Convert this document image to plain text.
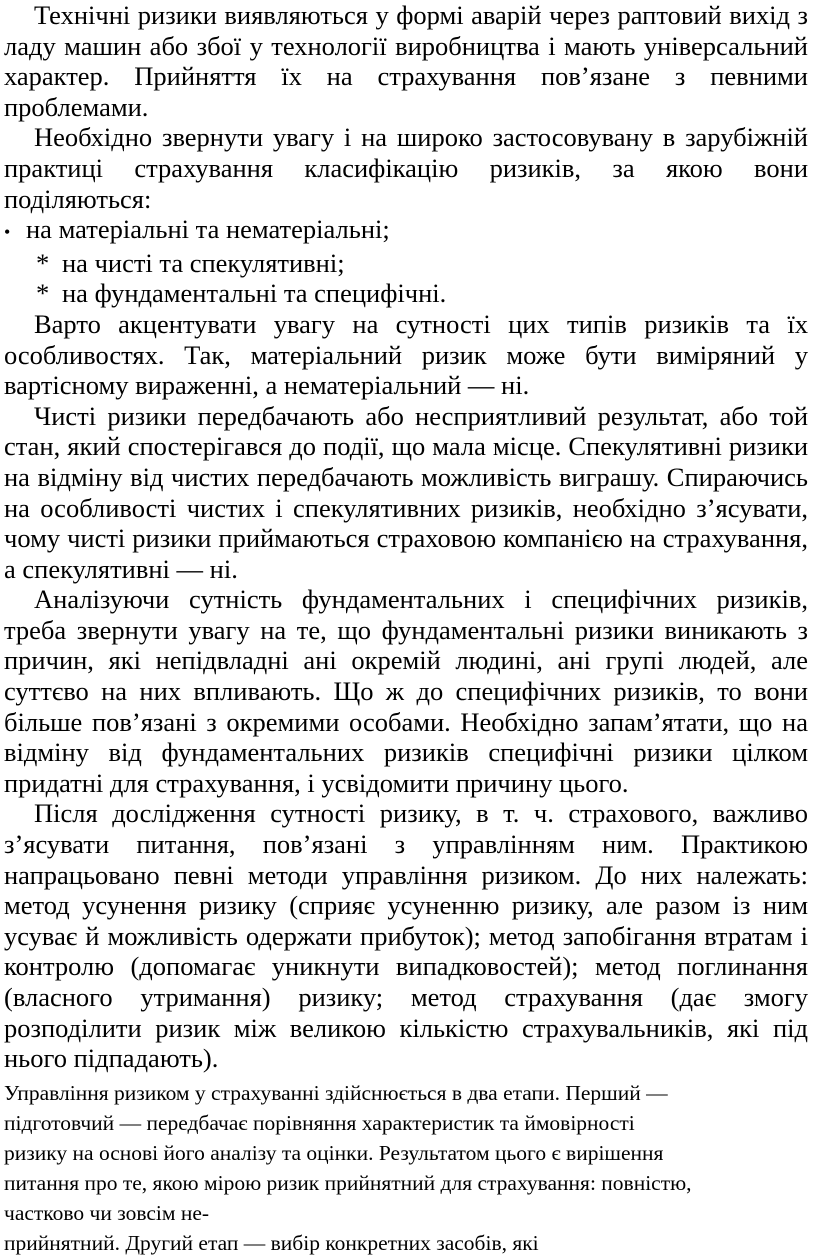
Технічні ризики виявляються у формі аварій через раптовий вихід з ладу машин або збої у технології виробництва і мають універсальний характер. Прийняття їх на страхування пов’язане з певними проблемами.

Необхідно звернути увагу і на широко застосовувану в зарубіжній практиці страхування класифікацію ризиків, за якою вони поділяються:

• на матеріальні та нематеріальні;
* на чисті та спекулятивні;
* на фундаментальні та специфічні.

Варто акцентувати увагу на сутності цих типів ризиків та їх особливостях. Так, матеріальний ризик може бути виміряний у вартісному вираженні, а нематеріальний — ні.

Чисті ризики передбачають або несприятливий результат, або той стан, який спостерігався до події, що мала місце. Спекулятивні ризики на відміну від чистих передбачають можливість виграшу. Спираючись на особливості чистих і спекулятивних ризиків, необхідно з’ясувати, чому чисті ризики приймаються страховою компанією на страхування, а спекулятивні — ні.

Аналізуючи сутність фундаментальних і специфічних ризиків, треба звернути увагу на те, що фундаментальні ризики виникають з причин, які непідвладні ані окремій людині, ані групі людей, але суттєво на них впливають. Що ж до специфічних ризиків, то вони більше пов’язані з окремими особами. Необхідно запам’ятати, що на відміну від фундаментальних ризиків специфічні ризики цілком придатні для страхування, і усвідомити причину цього.

Після дослідження сутності ризику, в т. ч. страхового, важливо з’ясувати питання, пов’язані з управлінням ним. Практикою напрацьовано певні методи управління ризиком. До них належать: метод усунення ризику (сприяє усуненню ризику, але разом із ним усуває й можливість одержати прибуток); метод запобігання втратам і контролю (допомагає уникнути випадковостей); метод поглинання (власного утримання) ризику; метод страхування (дає змогу розподілити ризик між великою кількістю страхувальників, які під нього підпадають).

Управління ризиком у страхуванні здійснюється в два етапи. Перший —

підготовчий — передбачає порівняння характеристик та ймовірності

ризику на основі його аналізу та оцінки. Результатом цього є вирішення

питання про те, якою мірою ризик прийнятний для страхування: повністю,

частково чи зовсім не-

прийнятний. Другий етап — вибір конкретних засобів, які
